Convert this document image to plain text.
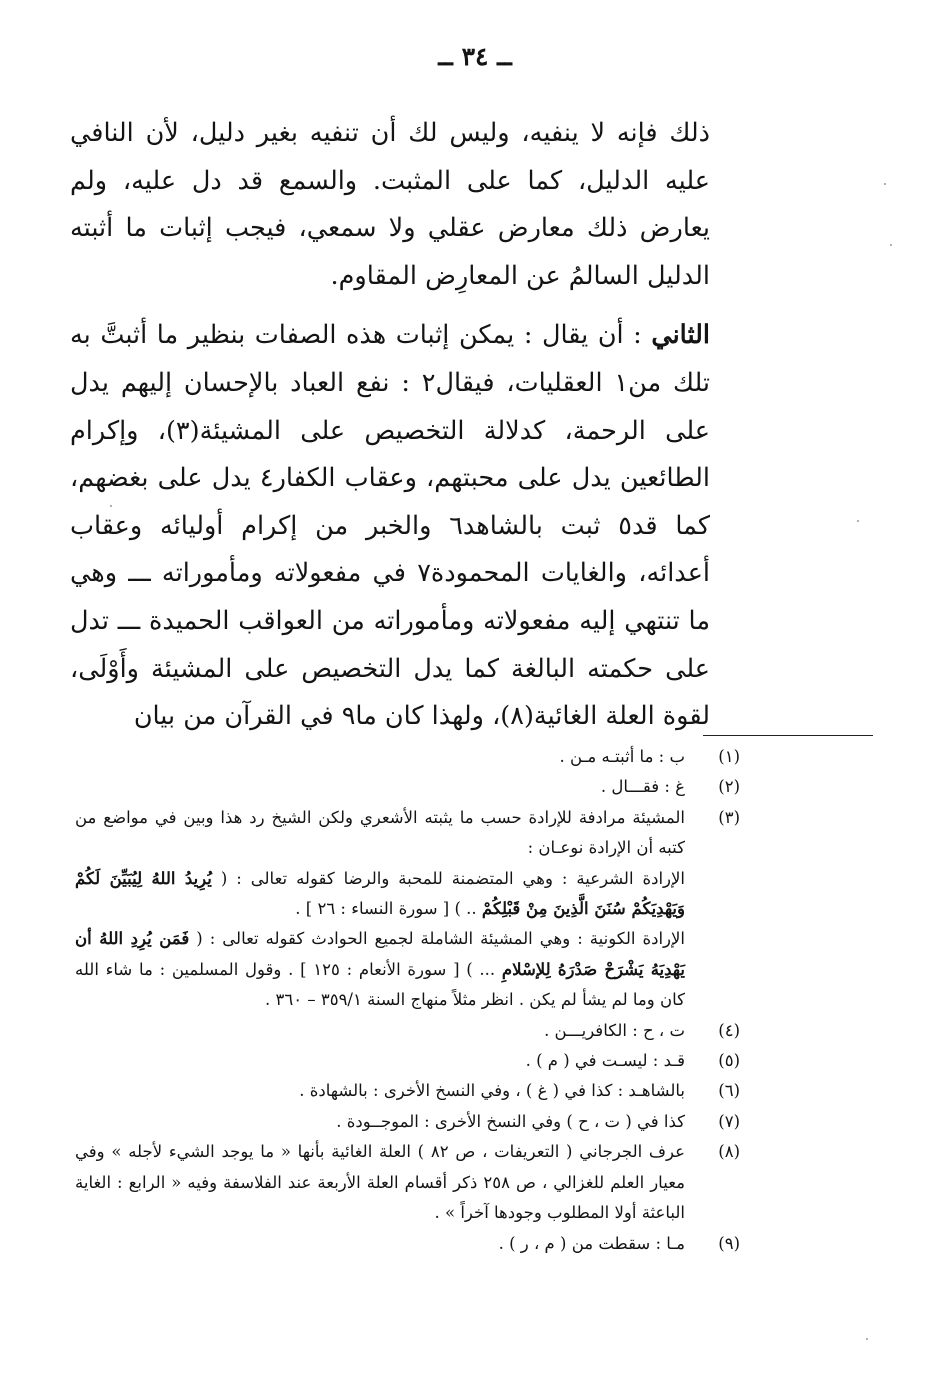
ــ ٣٤ ــ

ذلك فإنه لا ينفيه، وليس لك أن تنفيه بغير دليل، لأن النافي عليه الدليل، كما على المثبت. والسمع قد دل عليه، ولم يعارض ذلك معارض عقلي ولا سمعي، فيجب إثبات ما أثبته الدليل السالمُ عن المعارِض المقاوم.

الثاني : أن يقال : يمكن إثبات هذه الصفات بنظير ما أثبتَّ به تلك من١ العقليات، فيقال٢ : نفع العباد بالإحسان إليهم يدل على الرحمة، كدلالة التخصيص على المشيئة(٣)، وإكرام الطائعين يدل على محبتهم، وعقاب الكفار٤ يدل على بغضهم، كما قد٥ ثبت بالشاهد٦ والخبر من إكرام أوليائه وعقاب أعدائه، والغايات المحمودة٧ في مفعولاته ومأموراته ـــ وهي ما تنتهي إليه مفعولاته ومأموراته من العواقب الحميدة ـــ تدل على حكمته البالغة كما يدل التخصيص على المشيئة وأَوْلَى، لقوة العلة الغائية(٨)، ولهذا كان ما٩ في القرآن من بيان

(١)
ب : ما أثبتـه مـن .
(٢)
غ : فقـــال .
(٣)
المشيئة مرادفة للإرادة حسب ما يثبته الأشعري ولكن الشيخ رد هذا وبين في مواضع من كتبه أن الإرادة نوعـان :
الإرادة الشرعية : وهي المتضمنة للمحبة والرضا كقوله تعالى : ( يُرِيدُ اللهُ لِيُبَيِّنَ لَكُمْ وَيَهْدِيَكُمْ سُنَنَ الَّذِينَ مِنْ قَبْلِكُمْ .. ) [ سورة النساء : ٢٦ ] .
الإرادة الكونية : وهي المشيئة الشاملة لجميع الحوادث كقوله تعالى : ( فَمَن يُرِدِ اللهُ أن يَهْدِيَهُ يَشْرَحْ صَدْرَهُ لِلإسْلامِ ... ) [ سورة الأنعام : ١٢٥ ] . وقول المسلمين : ما شاء الله كان وما لم يشأ لم يكن . انظر مثلاً منهاج السنة ٣٥٩/١ – ٣٦٠ .
(٤)
ت ، ح : الكافريـــن .
(٥)
قـد : ليسـت في ( م ) .
(٦)
بالشاهـد : كذا في ( غ ) ، وفي النسخ الأخرى : بالشهادة .
(٧)
كذا في ( ت ، ح ) وفي النسخ الأخرى : الموجــودة .
(٨)
عرف الجرجاني ( التعريفات ، ص ٨٢ ) العلة الغائية بأنها « ما يوجد الشيء لأجله » وفي معيار العلم للغزالي ، ص ٢٥٨ ذكر أقسام العلة الأربعة عند الفلاسفة وفيه « الرابع : الغاية الباعثة أولا المطلوب وجودها آخراً » .
(٩)
مـا : سقطت من ( م ، ر ) .
